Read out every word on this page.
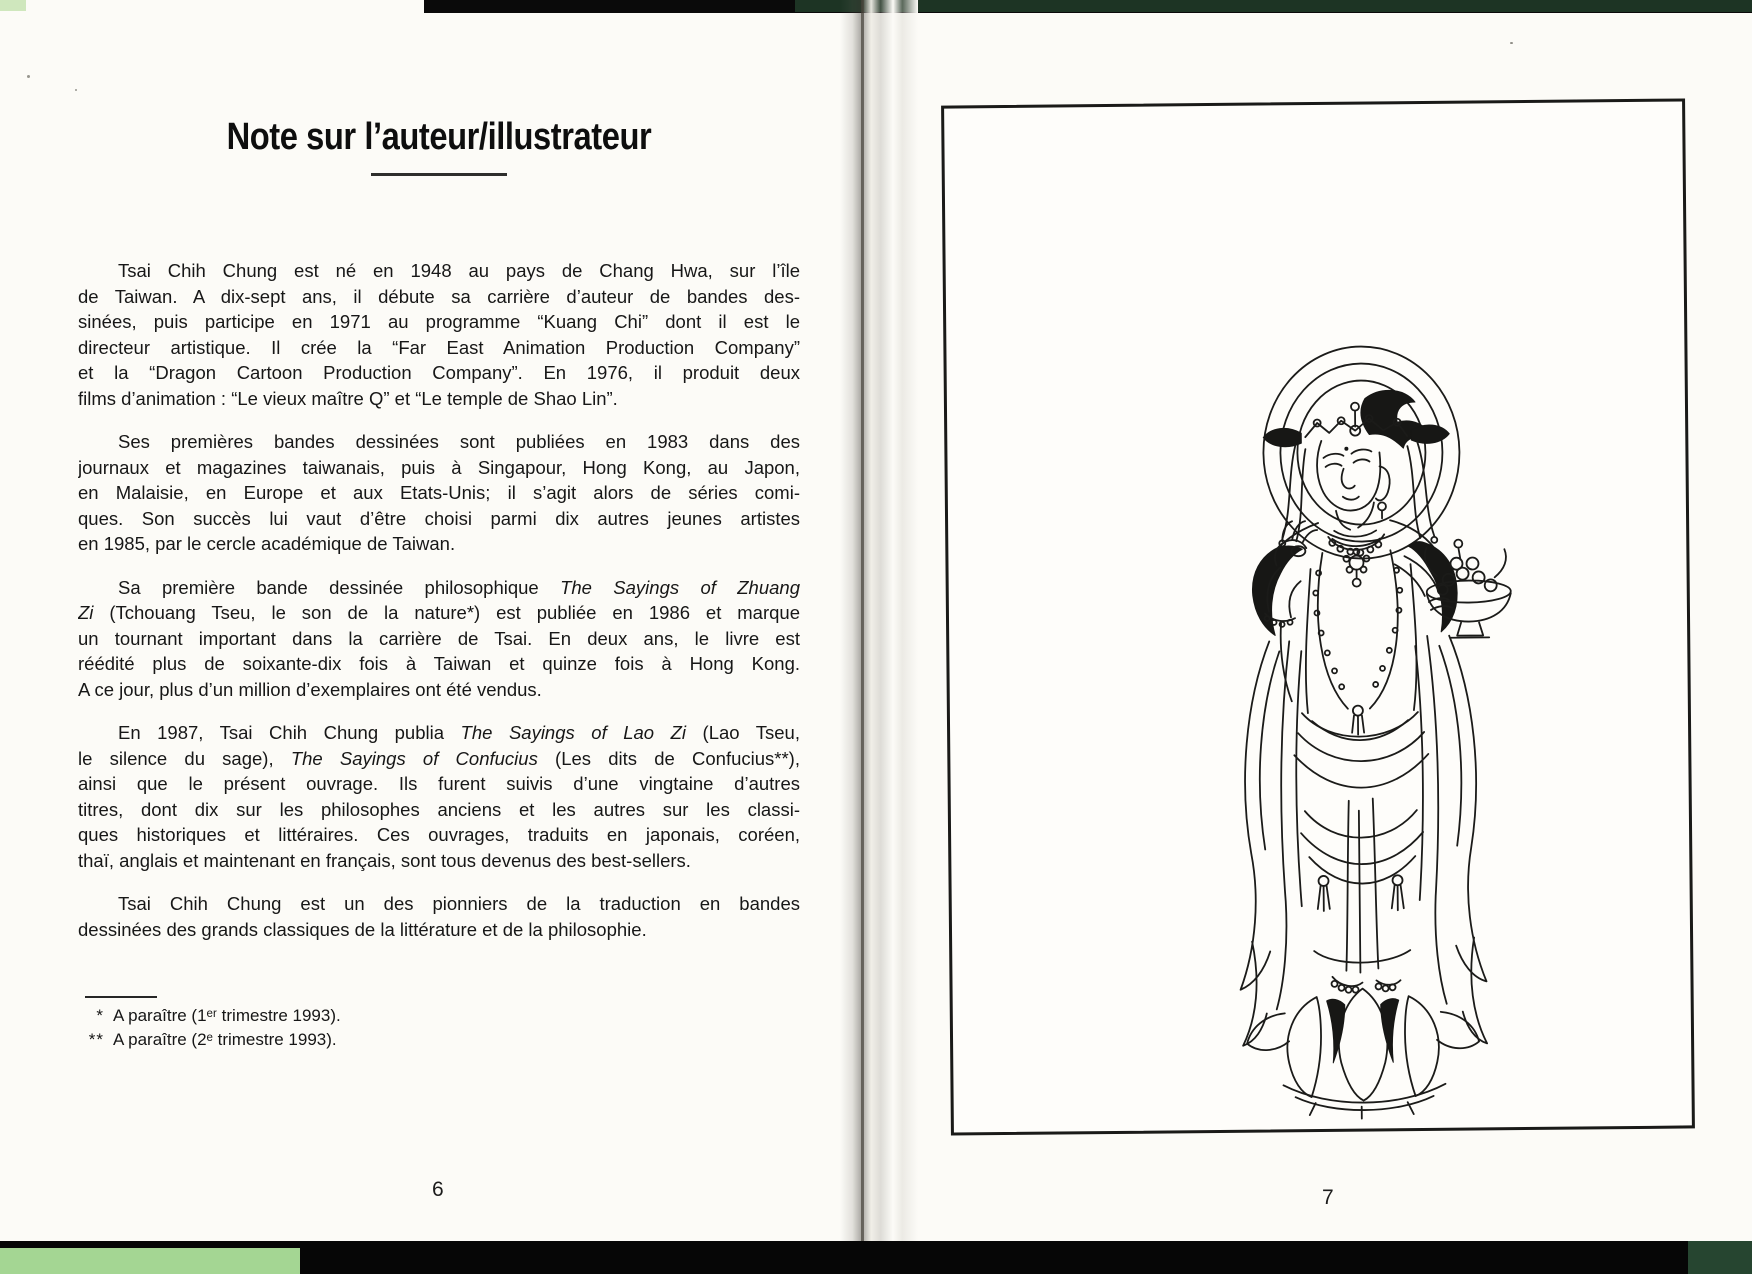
Note sur l’auteur/illustrateur
Tsai Chih Chung est né en 1948 au pays de Chang Hwa, sur l’île
de Taiwan. A dix-sept ans, il débute sa carrière d’auteur de bandes des-
sinées, puis participe en 1971 au programme “Kuang Chi” dont il est le
directeur artistique. Il crée la “Far East Animation Production Company”
et la “Dragon Cartoon Production Company”. En 1976, il produit deux
films d’animation : “Le vieux maître Q” et “Le temple de Shao Lin”.
Ses premières bandes dessinées sont publiées en 1983 dans des
journaux et magazines taiwanais, puis à Singapour, Hong Kong, au Japon,
en Malaisie, en Europe et aux Etats-Unis; il s’agit alors de séries comi-
ques. Son succès lui vaut d’être choisi parmi dix autres jeunes artistes
en 1985, par le cercle académique de Taiwan.
Sa première bande dessinée philosophique The Sayings of Zhuang
Zi (Tchouang Tseu, le son de la nature*) est publiée en 1986 et marque
un tournant important dans la carrière de Tsai. En deux ans, le livre est
réédité plus de soixante-dix fois à Taiwan et quinze fois à Hong Kong.
A ce jour, plus d’un million d’exemplaires ont été vendus.
En 1987, Tsai Chih Chung publia The Sayings of Lao Zi (Lao Tseu,
le silence du sage), The Sayings of Confucius (Les dits de Confucius**),
ainsi que le présent ouvrage. Ils furent suivis d’une vingtaine d’autres
titres, dont dix sur les philosophes anciens et les autres sur les classi-
ques historiques et littéraires. Ces ouvrages, traduits en japonais, coréen,
thaï, anglais et maintenant en français, sont tous devenus des best-sellers.
Tsai Chih Chung est un des pionniers de la traduction en bandes
dessinées des grands classiques de la littérature et de la philosophie.
* A paraître (1ᵉʳ trimestre 1993).
** A paraître (2ᵉ trimestre 1993).
6	7
